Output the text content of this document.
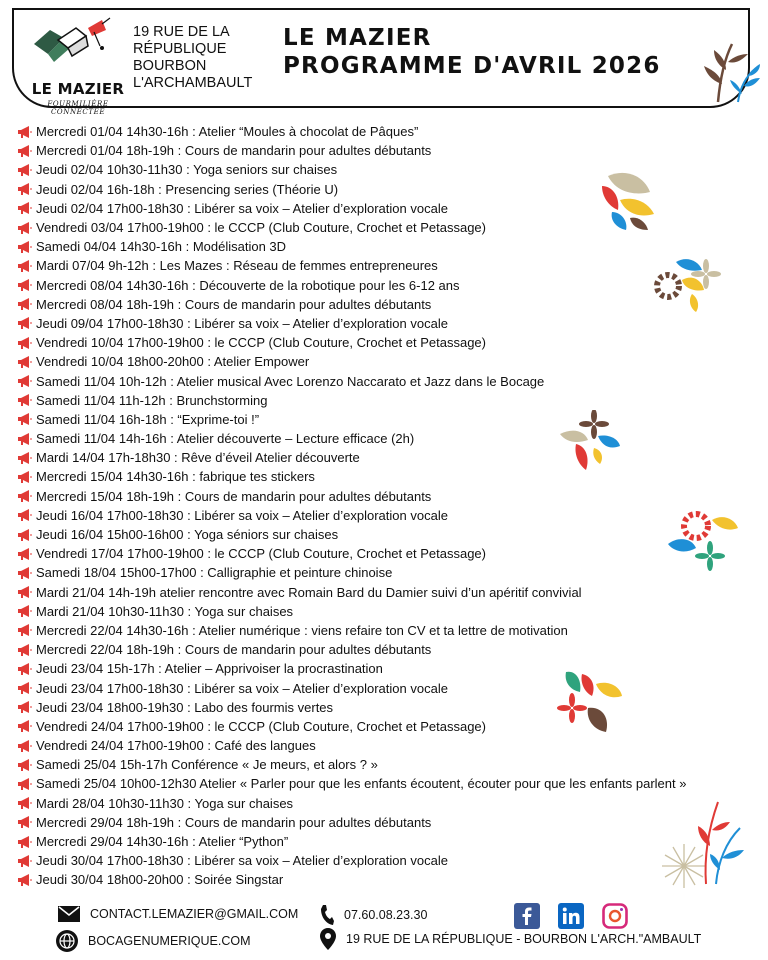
LE MAZIER
FOURMILIÈRE CONNECTÉE
19 RUE DE LA
RÉPUBLIQUE
BOURBON
L'ARCHAMBAULT
LE MAZIER
PROGRAMME D'AVRIL 2026
Mercredi 01/04 14h30-16h : Atelier “Moules à chocolat de Pâques”
Mercredi 01/04 18h-19h : Cours de mandarin pour adultes débutants
Jeudi 02/04 10h30-11h30 : Yoga seniors sur chaises
Jeudi 02/04 16h-18h : Presencing series (Théorie U)
Jeudi 02/04 17h00-18h30 : Libérer sa voix – Atelier d’exploration vocale
Vendredi 03/04 17h00-19h00 : le CCCP (Club Couture, Crochet et Petassage)
Samedi 04/04 14h30-16h : Modélisation 3D
Mardi 07/04 9h-12h : Les Mazes : Réseau de femmes entrepreneures
Mercredi 08/04 14h30-16h : Découverte de la robotique pour les 6-12 ans
Mercredi 08/04 18h-19h : Cours de mandarin pour adultes débutants
Jeudi 09/04 17h00-18h30 : Libérer sa voix – Atelier d’exploration vocale
Vendredi 10/04 17h00-19h00 : le CCCP (Club Couture, Crochet et Petassage)
Vendredi 10/04 18h00-20h00 : Atelier Empower
Samedi 11/04 10h-12h : Atelier musical Avec Lorenzo Naccarato et Jazz dans le Bocage
Samedi 11/04 11h-12h : Brunchstorming
Samedi 11/04 16h-18h : “Exprime-toi !”
Samedi 11/04 14h-16h : Atelier découverte – Lecture efficace (2h)
Mardi 14/04 17h-18h30 : Rêve d’éveil Atelier découverte
Mercredi 15/04 14h30-16h : fabrique tes stickers
Mercredi 15/04 18h-19h : Cours de mandarin pour adultes débutants
Jeudi 16/04 17h00-18h30 : Libérer sa voix – Atelier d’exploration vocale
Jeudi 16/04 15h00-16h00 : Yoga séniors sur chaises
Vendredi 17/04 17h00-19h00 : le CCCP (Club Couture, Crochet et Petassage)
Samedi 18/04 15h00-17h00 : Calligraphie et peinture chinoise
Mardi 21/04 14h-19h atelier rencontre avec Romain Bard du Damier suivi d’un apéritif convivial
Mardi 21/04 10h30-11h30 : Yoga sur chaises
Mercredi 22/04 14h30-16h : Atelier numérique : viens refaire ton CV et ta lettre de motivation
Mercredi 22/04 18h-19h : Cours de mandarin pour adultes débutants
Jeudi 23/04 15h-17h : Atelier – Apprivoiser la procrastination
Jeudi 23/04 17h00-18h30 : Libérer sa voix – Atelier d’exploration vocale
Jeudi 23/04 18h00-19h30 : Labo des fourmis vertes
Vendredi 24/04 17h00-19h00 : le CCCP (Club Couture, Crochet et Petassage)
Vendredi 24/04 17h00-19h00 : Café des langues
Samedi 25/04 15h-17h Conférence « Je meurs, et alors ? »
Samedi 25/04 10h00-12h30 Atelier « Parler pour que les enfants écoutent, écouter pour que les enfants parlent »
Mardi 28/04 10h30-11h30 : Yoga sur chaises
Mercredi 29/04 18h-19h : Cours de mandarin pour adultes débutants
Mercredi 29/04 14h30-16h : Atelier “Python”
Jeudi 30/04 17h00-18h30 : Libérer sa voix – Atelier d’exploration vocale
Jeudi 30/04 18h00-20h00 : Soirée Singstar
CONTACT.LEMAZIER@GMAIL.COM
BOCAGENUMERIQUE.COM
07.60.08.23.30
19 RUE DE LA RÉPUBLIQUE - BOURBON L'ARCH."AMBAULT
